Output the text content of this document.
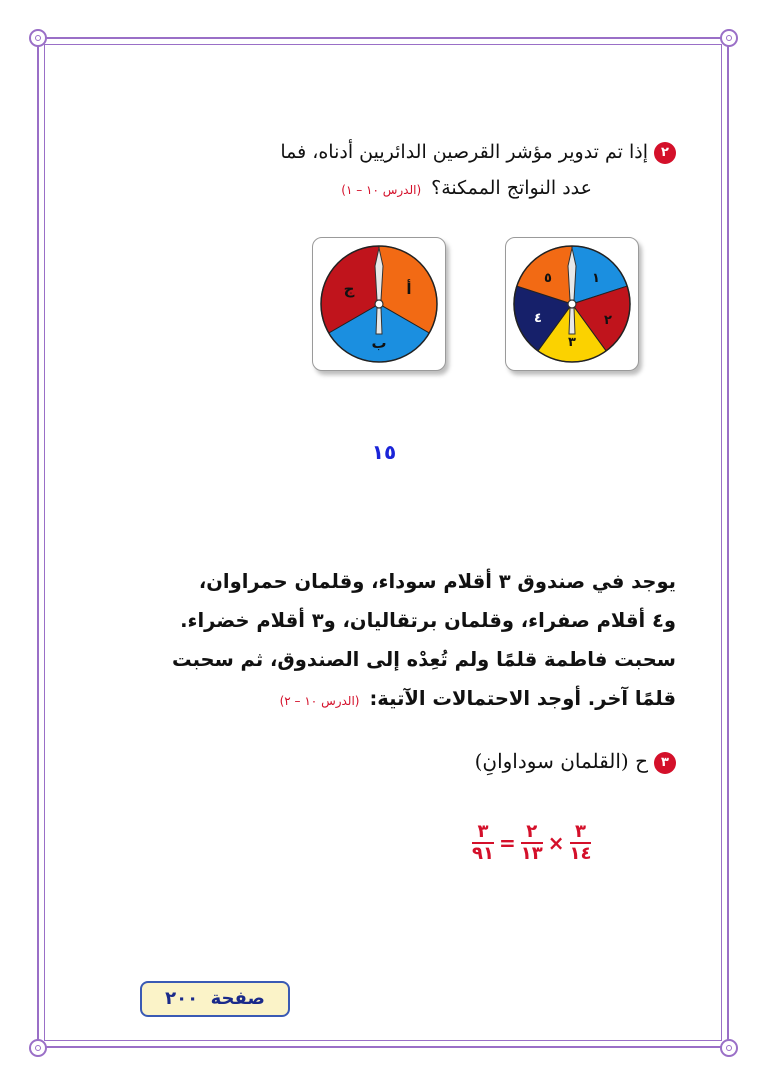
٢إذا تم تدوير مؤشر القرصين الدائريين أدناه، فما
عدد النواتج الممكنة؟(الدرس ١٠ – ١)
أ
ب
ج
١
٢
٣
٤
٥
١٥
يوجد في صندوق ٣ أقلام سوداء، وقلمان حمراوان،
و٤ أقلام صفراء، وقلمان برتقاليان، و٣ أقلام خضراء.
سحبت فاطمة قلمًا ولم تُعِدْه إلى الصندوق، ثم سحبت
قلمًا آخر. أوجد الاحتمالات الآتية:(الدرس ١٠ – ٢)
٣ح (القلمان سوداوانِ)
$\frac{٣}{٩١} = \frac{٢}{١٣} \times \frac{٣}{١٤}$
صفحة  ٢٠٠
